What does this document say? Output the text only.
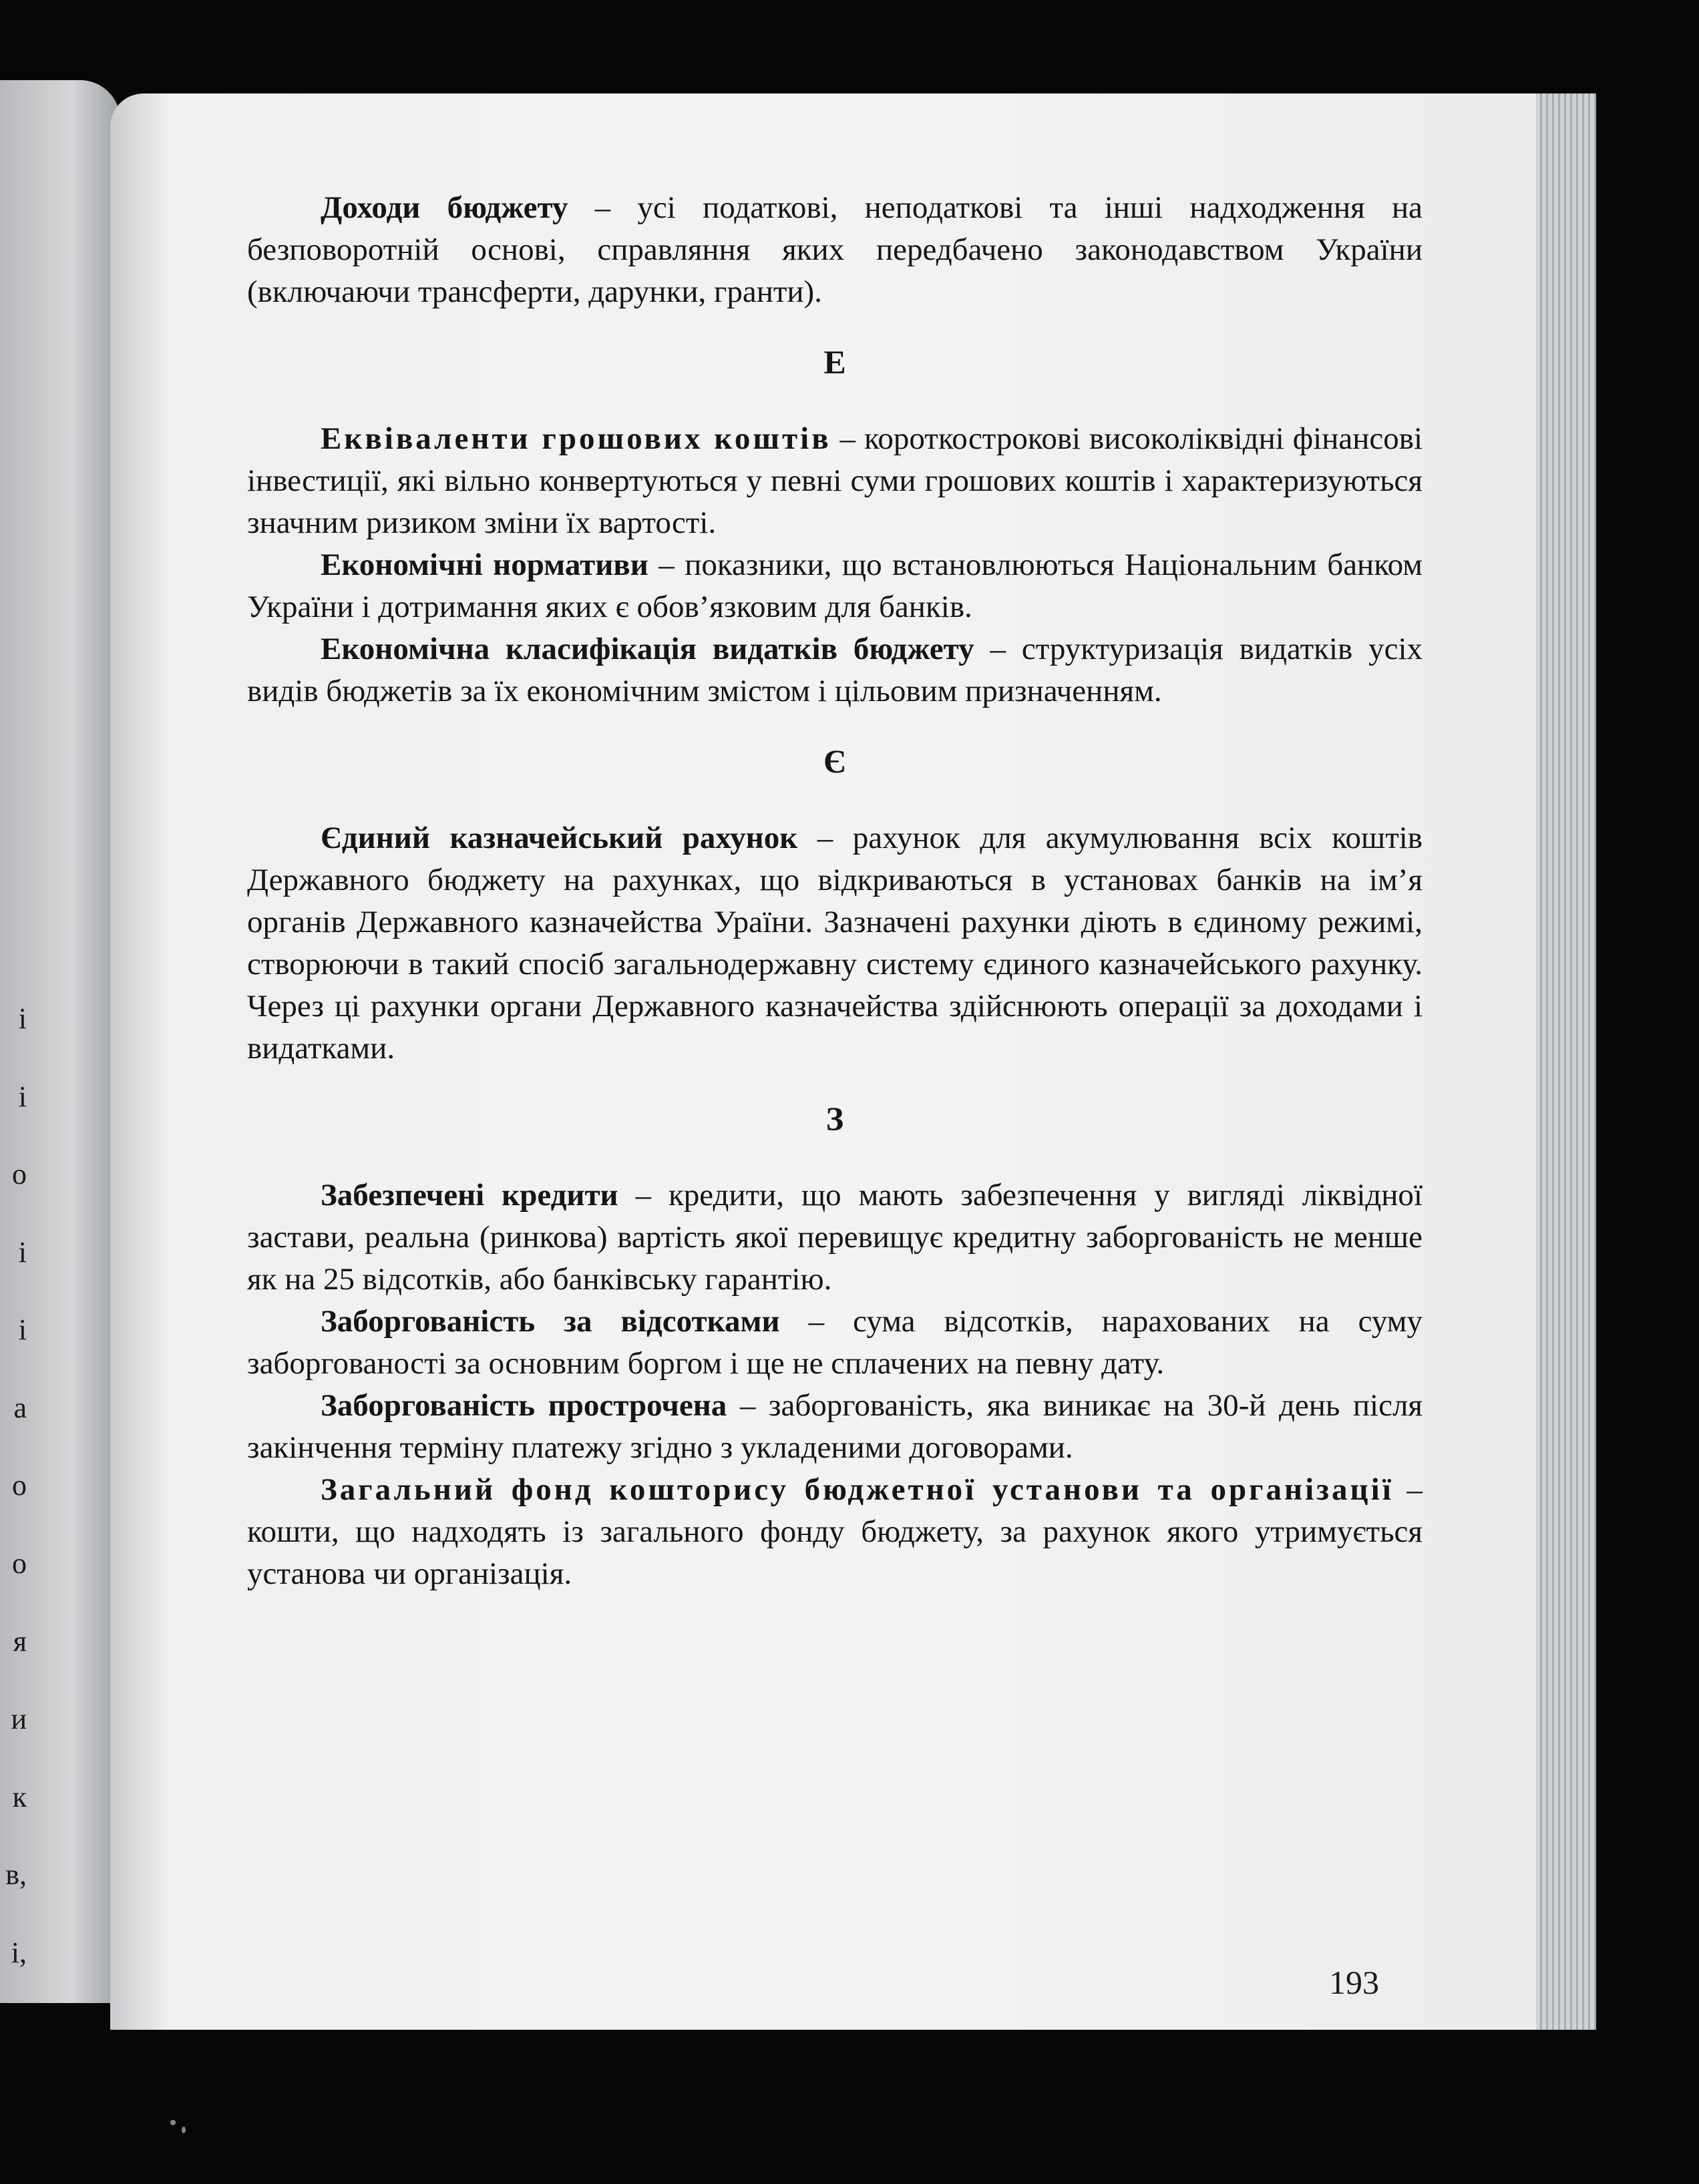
і
і
о
і
і
а
о
о
я
и
к
в,
і,

Доходи бюджету – усі податкові, неподаткові та інші надходження на безповоротній основі, справляння яких передбачено законодавством України (включаючи трансферти, дарунки, гранти).

Е

Еквіваленти грошових коштів – короткострокові високоліквідні фінансові інвестиції, які вільно конвертуються у певні суми грошових коштів і характеризуються значним ризиком зміни їх вартості.

Економічні нормативи – показники, що встановлюються Національним банком України і дотримання яких є обов’язковим для банків.

Економічна класифікація видатків бюджету – структуризація видатків усіх видів бюджетів за їх економічним змістом і цільовим призначенням.

Є

Єдиний казначейський рахунок – рахунок для акумулювання всіх коштів Державного бюджету на рахунках, що відкриваються в установах банків на ім’я органів Державного казначейства Ураїни. Зазначені рахунки діють в єдиному режимі, створюючи в такий спосіб загальнодержавну систему єдиного казначейського рахунку. Через ці рахунки органи Державного казначейства здійснюють операції за доходами і видатками.

З

Забезпечені кредити – кредити, що мають забезпечення у вигляді ліквідної застави, реальна (ринкова) вартість якої перевищує кредитну заборгованість не менше як на 25 відсотків, або банківську гарантію.

Заборгованість за відсотками – сума відсотків, нарахованих на суму заборгованості за основним боргом і ще не сплачених на певну дату.

Заборгованість прострочена – заборгованість, яка виникає на 30-й день після закінчення терміну платежу згідно з укладеними договорами.

Загальний фонд кошторису бюджетної установи та організації – кошти, що надходять із загального фонду бюджету, за рахунок якого утримується установа чи організація.

193
